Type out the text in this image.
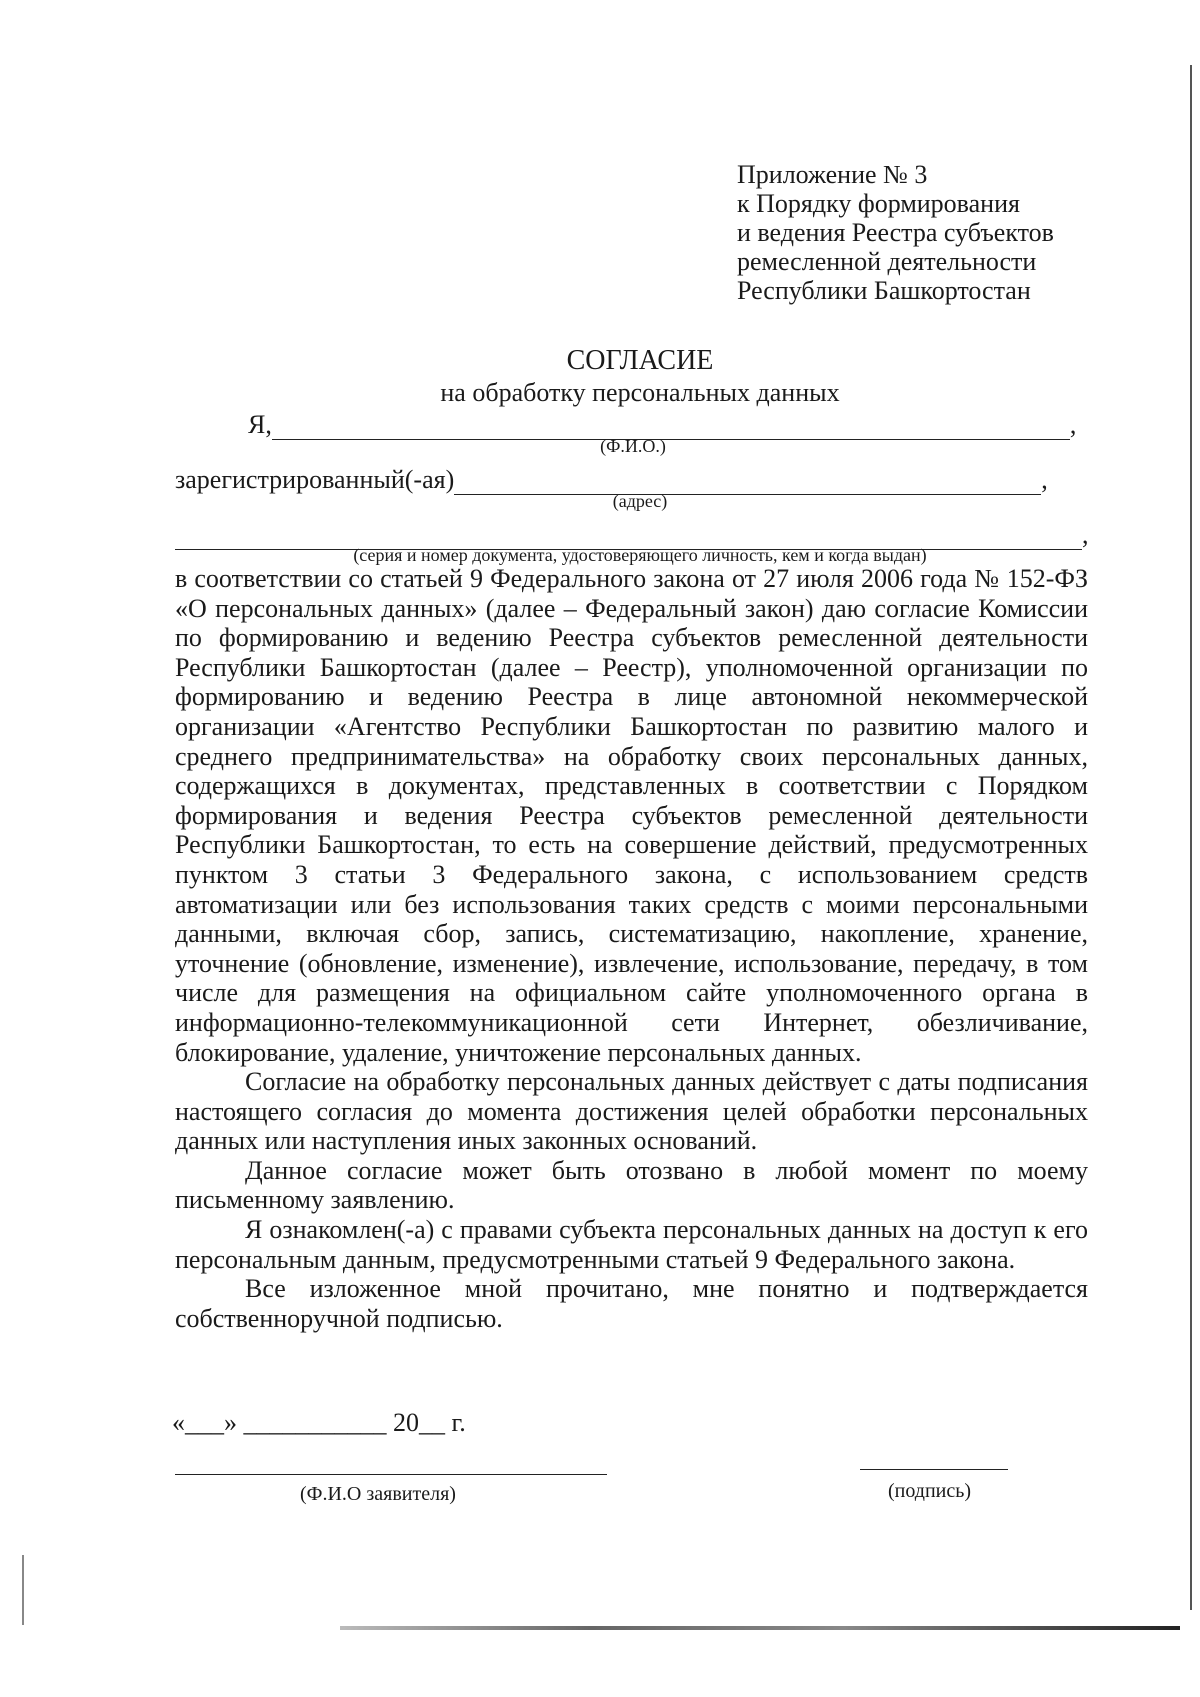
Приложение № 3
к Порядку формирования
и ведения Реестра субъектов
ремесленной деятельности
Республики Башкортостан
СОГЛАСИЕ
на обработку персональных данных
Я,	,
(Ф.И.О.)
зарегистрированный(-ая)	,
(адрес)
,
(серия и номер документа, удостоверяющего личность, кем и когда выдан)

в соответствии со статьей 9 Федерального закона от 27 июля 2006 года № 152-ФЗ «О персональных данных» (далее – Федеральный закон) даю согласие Комиссии по формированию и ведению Реестра субъектов ремесленной деятельности Республики Башкортостан (далее – Реестр), уполномоченной организации по формированию и ведению Реестра в лице автономной некоммерческой организации «Агентство Республики Башкортостан по развитию малого и среднего предпринимательства» на обработку своих персональных данных, содержащихся в документах, представленных в соответствии с Порядком формирования и ведения Реестра субъектов ремесленной деятельности Республики Башкортостан, то есть на совершение действий, предусмотренных пунктом 3 статьи 3 Федерального закона, с использованием средств автоматизации или без использования таких средств с моими персональными данными, включая сбор, запись, систематизацию, накопление, хранение, уточнение (обновление, изменение), извлечение, использование, передачу, в том числе для размещения на официальном сайте уполномоченного органа в информационно-телекоммуникационной сети Интернет, обезличивание, блокирование, удаление, уничтожение персональных данных.

Согласие на обработку персональных данных действует с даты подписания настоящего согласия до момента достижения целей обработки персональных данных или наступления иных законных оснований.

Данное согласие может быть отозвано в любой момент по моему письменному заявлению.

Я ознакомлен(-а) с правами субъекта персональных данных на доступ к его персональным данным, предусмотренными статьей 9 Федерального закона.

Все изложенное мной прочитано, мне понятно и подтверждается собственноручной подписью.

«___» ___________ 20__ г.
(Ф.И.О заявителя)	(подпись)
